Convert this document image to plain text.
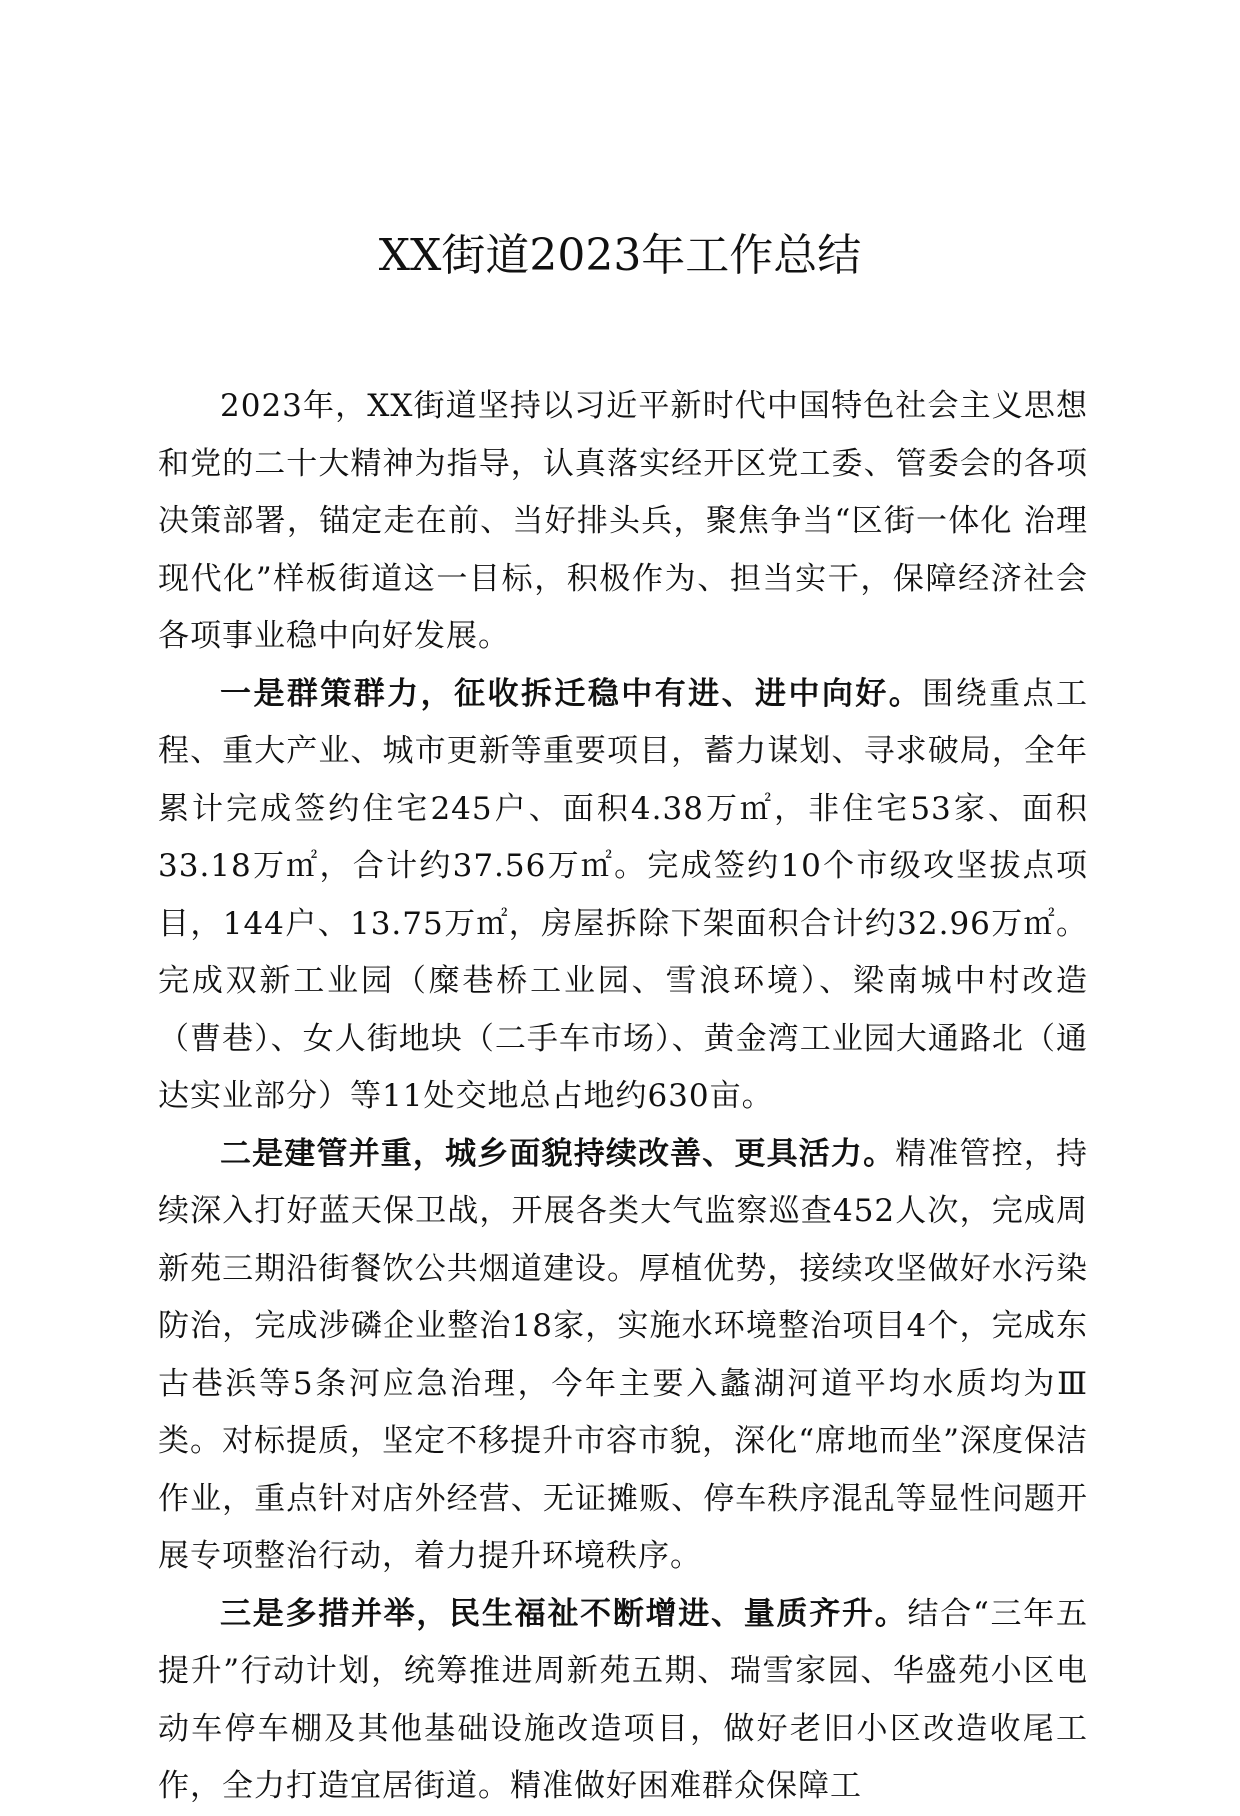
XX街道2023年工作总结

2023年，XX街道坚持以习近平新时代中国特色社会主义思想和党的二十大精神为指导，认真落实经开区党工委、管委会的各项决策部署，锚定走在前、当好排头兵，聚焦争当“区街一体化 治理现代化”样板街道这一目标，积极作为、担当实干，保障经济社会各项事业稳中向好发展。

一是群策群力，征收拆迁稳中有进、进中向好。围绕重点工程、重大产业、城市更新等重要项目，蓄力谋划、寻求破局，全年累计完成签约住宅245户、面积4.38万㎡，非住宅53家、面积33.18万㎡，合计约37.56万㎡。完成签约10个市级攻坚拔点项目，144户、13.75万㎡，房屋拆除下架面积合计约32.96万㎡。完成双新工业园（糜巷桥工业园、雪浪环境）、梁南城中村改造（曹巷）、女人街地块（二手车市场）、黄金湾工业园大通路北（通达实业部分）等11处交地总占地约630亩。

二是建管并重，城乡面貌持续改善、更具活力。精准管控，持续深入打好蓝天保卫战，开展各类大气监察巡查452人次，完成周新苑三期沿街餐饮公共烟道建设。厚植优势，接续攻坚做好水污染防治，完成涉磷企业整治18家，实施水环境整治项目4个，完成东古巷浜等5条河应急治理，今年主要入蠡湖河道平均水质均为Ⅲ类。对标提质，坚定不移提升市容市貌，深化“席地而坐”深度保洁作业，重点针对店外经营、无证摊贩、停车秩序混乱等显性问题开展专项整治行动，着力提升环境秩序。

三是多措并举，民生福祉不断增进、量质齐升。结合“三年五提升”行动计划，统筹推进周新苑五期、瑞雪家园、华盛苑小区电动车停车棚及其他基础设施改造项目，做好老旧小区改造收尾工作，全力打造宜居街道。精准做好困难群众保障工
